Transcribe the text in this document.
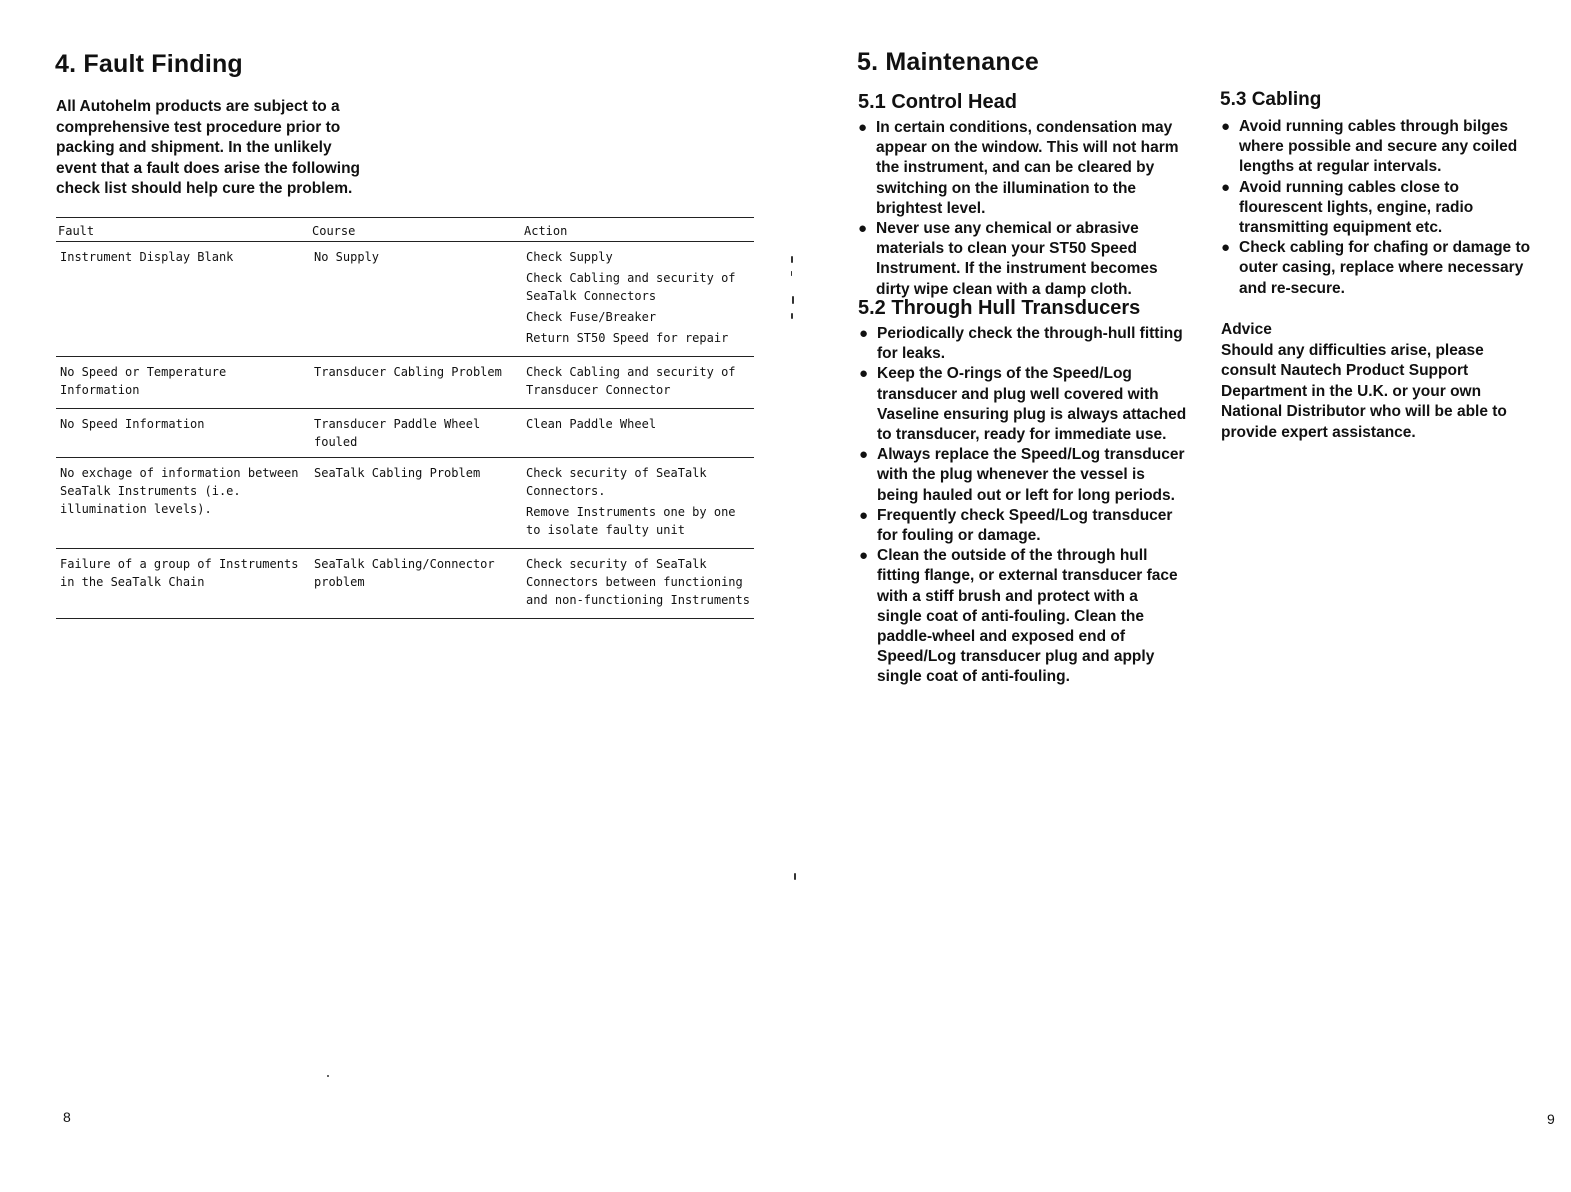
4. Fault Finding
All Autohelm products are subject to a comprehensive test procedure prior to packing and shipment. In the unlikely event that a fault does arise the following check list should help cure the problem.
Fault	Course	Action
Instrument Display Blank	No Supply	Check Supply
Check Cabling and security of SeaTalk Connectors
Check Fuse/Breaker
Return ST50 Speed for repair

No Speed or Temperature Information	Transducer Cabling Problem	Check Cabling and security of Transducer Connector

No Speed Information	Transducer Paddle Wheel fouled	Clean Paddle Wheel

No exchage of information between SeaTalk Instruments (i.e. illumination levels).	SeaTalk Cabling Problem	Check security of SeaTalk Connectors.
Remove Instruments one by one to isolate faulty unit

Failure of a group of Instruments in the SeaTalk Chain	SeaTalk Cabling/Connector problem	Check security of SeaTalk Connectors between functioning and non-functioning Instruments
8
5. Maintenance
5.1 Control Head
● In certain conditions, condensation may appear on the window. This will not harm the instrument, and can be cleared by switching on the illumination to the brightest level.
● Never use any chemical or abrasive materials to clean your ST50 Speed Instrument. If the instrument becomes dirty wipe clean with a damp cloth.
5.2 Through Hull Transducers
● Periodically check the through-hull fitting for leaks.
● Keep the O-rings of the Speed/Log transducer and plug well covered with Vaseline ensuring plug is always attached to transducer, ready for immediate use.
● Always replace the Speed/Log transducer with the plug whenever the vessel is being hauled out or left for long periods.
● Frequently check Speed/Log transducer for fouling or damage.
● Clean the outside of the through hull fitting flange, or external transducer face with a stiff brush and protect with a single coat of anti-fouling. Clean the paddle-wheel and exposed end of Speed/Log transducer plug and apply single coat of anti-fouling.
5.3 Cabling
● Avoid running cables through bilges where possible and secure any coiled lengths at regular intervals.
● Avoid running cables close to flourescent lights, engine, radio transmitting equipment etc.
● Check cabling for chafing or damage to outer casing, replace where necessary and re-secure.
Advice
Should any difficulties arise, please consult Nautech Product Support Department in the U.K. or your own National Distributor who will be able to provide expert assistance.
9
